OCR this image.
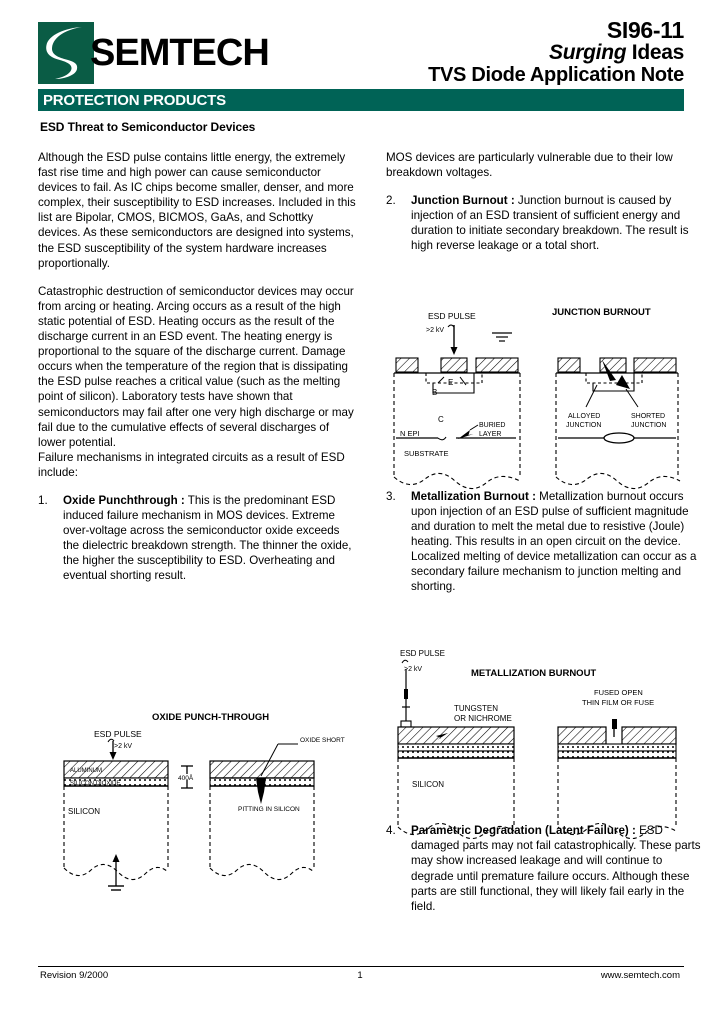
SEMTECH
SI96-11
Surging Ideas
TVS Diode Application Note
PROTECTION PRODUCTS
ESD Threat to Semiconductor Devices

Although the ESD pulse contains little energy, the extremely fast rise time and high power can cause semiconductor devices to fail. As IC chips become smaller, denser, and more complex, their susceptibility to ESD increases. Included in this list are Bipolar, CMOS, BICMOS, GaAs, and Schottky devices. As these semiconductors are designed into systems, the ESD susceptibility of the system hardware increases proportionally.

Catastrophic destruction of semiconductor devices may occur from arcing or heating. Arcing occurs as a result of the high static potential of ESD. Heating occurs as the result of the discharge current in an ESD event. The heating energy is proportional to the square of the discharge current. Damage occurs when the temperature of the region that is dissipating the ESD pulse reaches a critical value (such as the melting point of silicon). Laboratory tests have shown that semiconductors may fail after one very high discharge or may fail due to the cumulative effects of several discharges of lower potential.

Failure mechanisms in integrated circuits as a result of ESD include:

1. Oxide Punchthrough : This is the predominant ESD induced failure mechanism in MOS devices. Extreme over-voltage across the semiconductor oxide exceeds the dielectric breakdown strength. The thinner the oxide, the higher the susceptibility to ESD. Overheating and eventual shorting result.

MOS devices are particularly vulnerable due to their low breakdown voltages.

2. Junction Burnout : Junction burnout is caused by injection of an ESD transient of sufficient energy and duration to initiate secondary breakdown. The result is high reverse leakage or a total short.
3. Metallization Burnout : Metallization burnout occurs upon injection of an ESD pulse of sufficient magnitude and duration to melt the metal due to resistive (Joule) heating. This results in an open circuit on the device. Localized melting of device metallization can occur as a secondary failure mechanism to junction melting and shorting.
4. Parametric Degradation (Latent Failure) : ESD damaged parts may not fail catastrophically. These parts may show increased leakage and will continue to degrade until premature failure occurs. Although these parts are still functional, they will likely fail early in the field.
JUNCTION BURNOUT
ESD PULSE
>2 kV
E
B
C
N EPI
SUBSTRATE
BURIED
LAYER
ALLOYED
JUNCTION
SHORTED
JUNCTION
METALLIZATION BURNOUT
ESD PULSE
>2 kV
TUNGSTEN
OR NICHROME
SILICON
FUSED OPEN
THIN FILM OR FUSE
OXIDE PUNCH-THROUGH
ESD PULSE
>2 kV
ALUMINUM
SILICON DIOXIDE
SILICON
400Å
OXIDE SHORT
PITTING IN SILICON
Revision 9/2000	1	www.semtech.com
